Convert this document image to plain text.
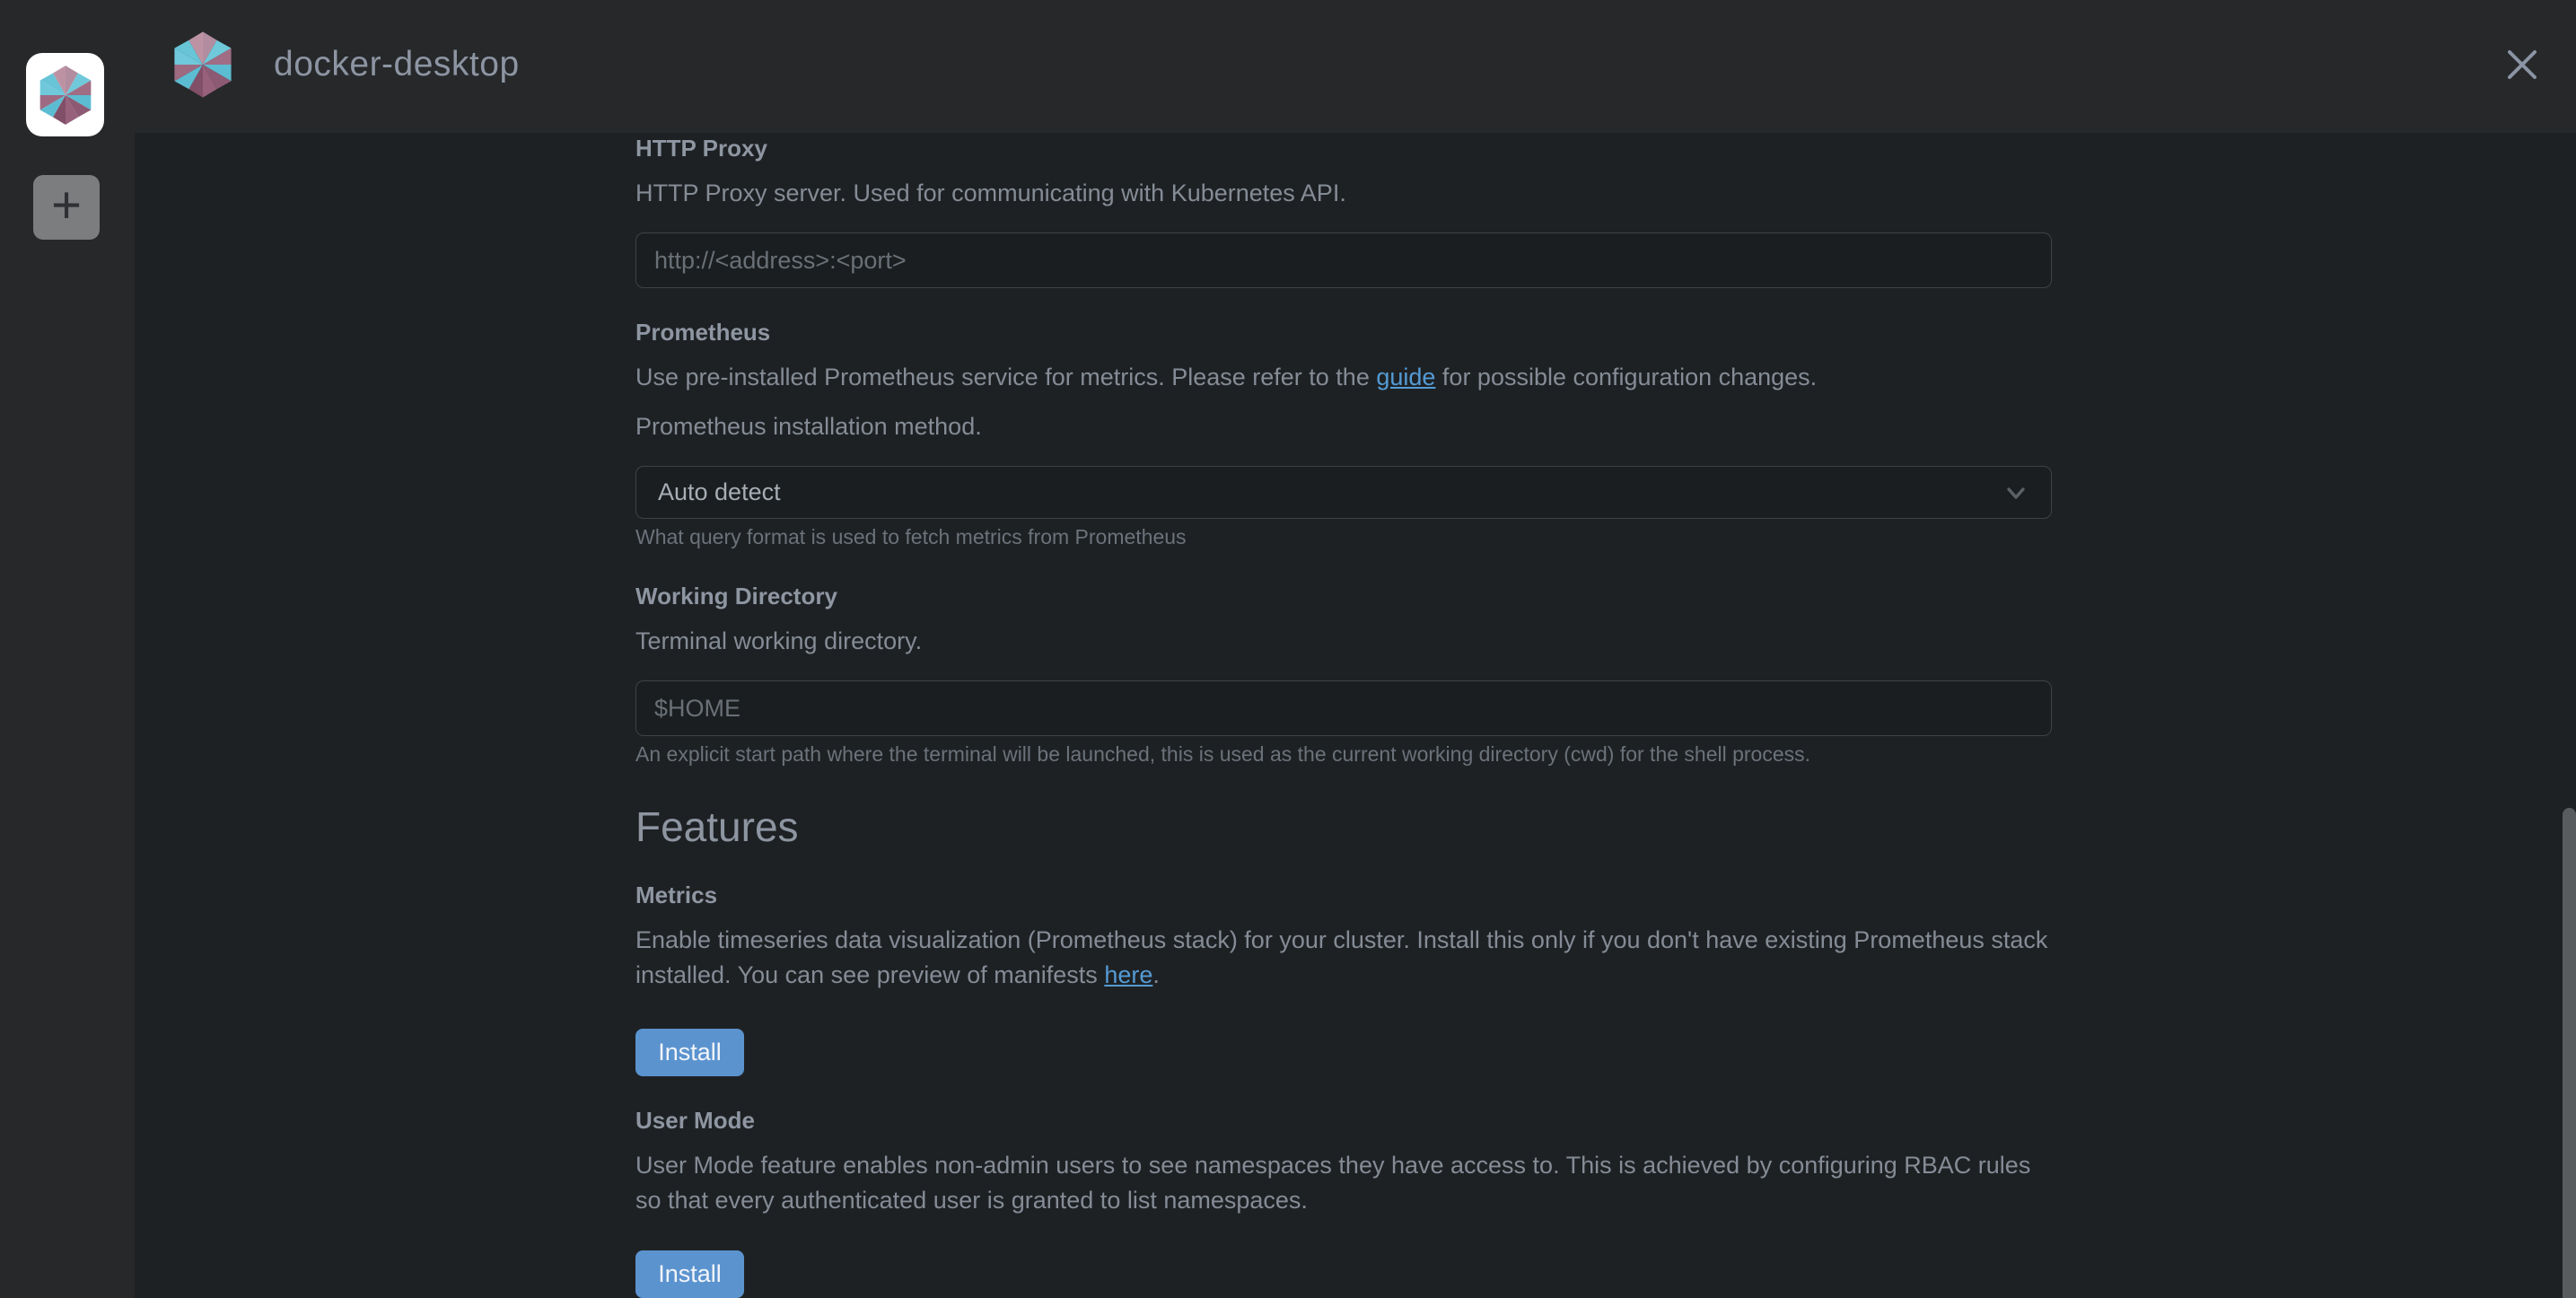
docker-desktop
+
HTTP Proxy
HTTP Proxy server. Used for communicating with Kubernetes API.
http://<address>:<port>
Prometheus
Use pre-installed Prometheus service for metrics. Please refer to the guide for possible configuration changes.
Prometheus installation method.
Auto detect
What query format is used to fetch metrics from Prometheus
Working Directory
Terminal working directory.
$HOME
An explicit start path where the terminal will be launched, this is used as the current working directory (cwd) for the shell process.
Features
Metrics
Enable timeseries data visualization (Prometheus stack) for your cluster. Install this only if you don't have existing Prometheus stack installed. You can see preview of manifests here.
Install
User Mode
User Mode feature enables non-admin users to see namespaces they have access to. This is achieved by configuring RBAC rules so that every authenticated user is granted to list namespaces.
Install
